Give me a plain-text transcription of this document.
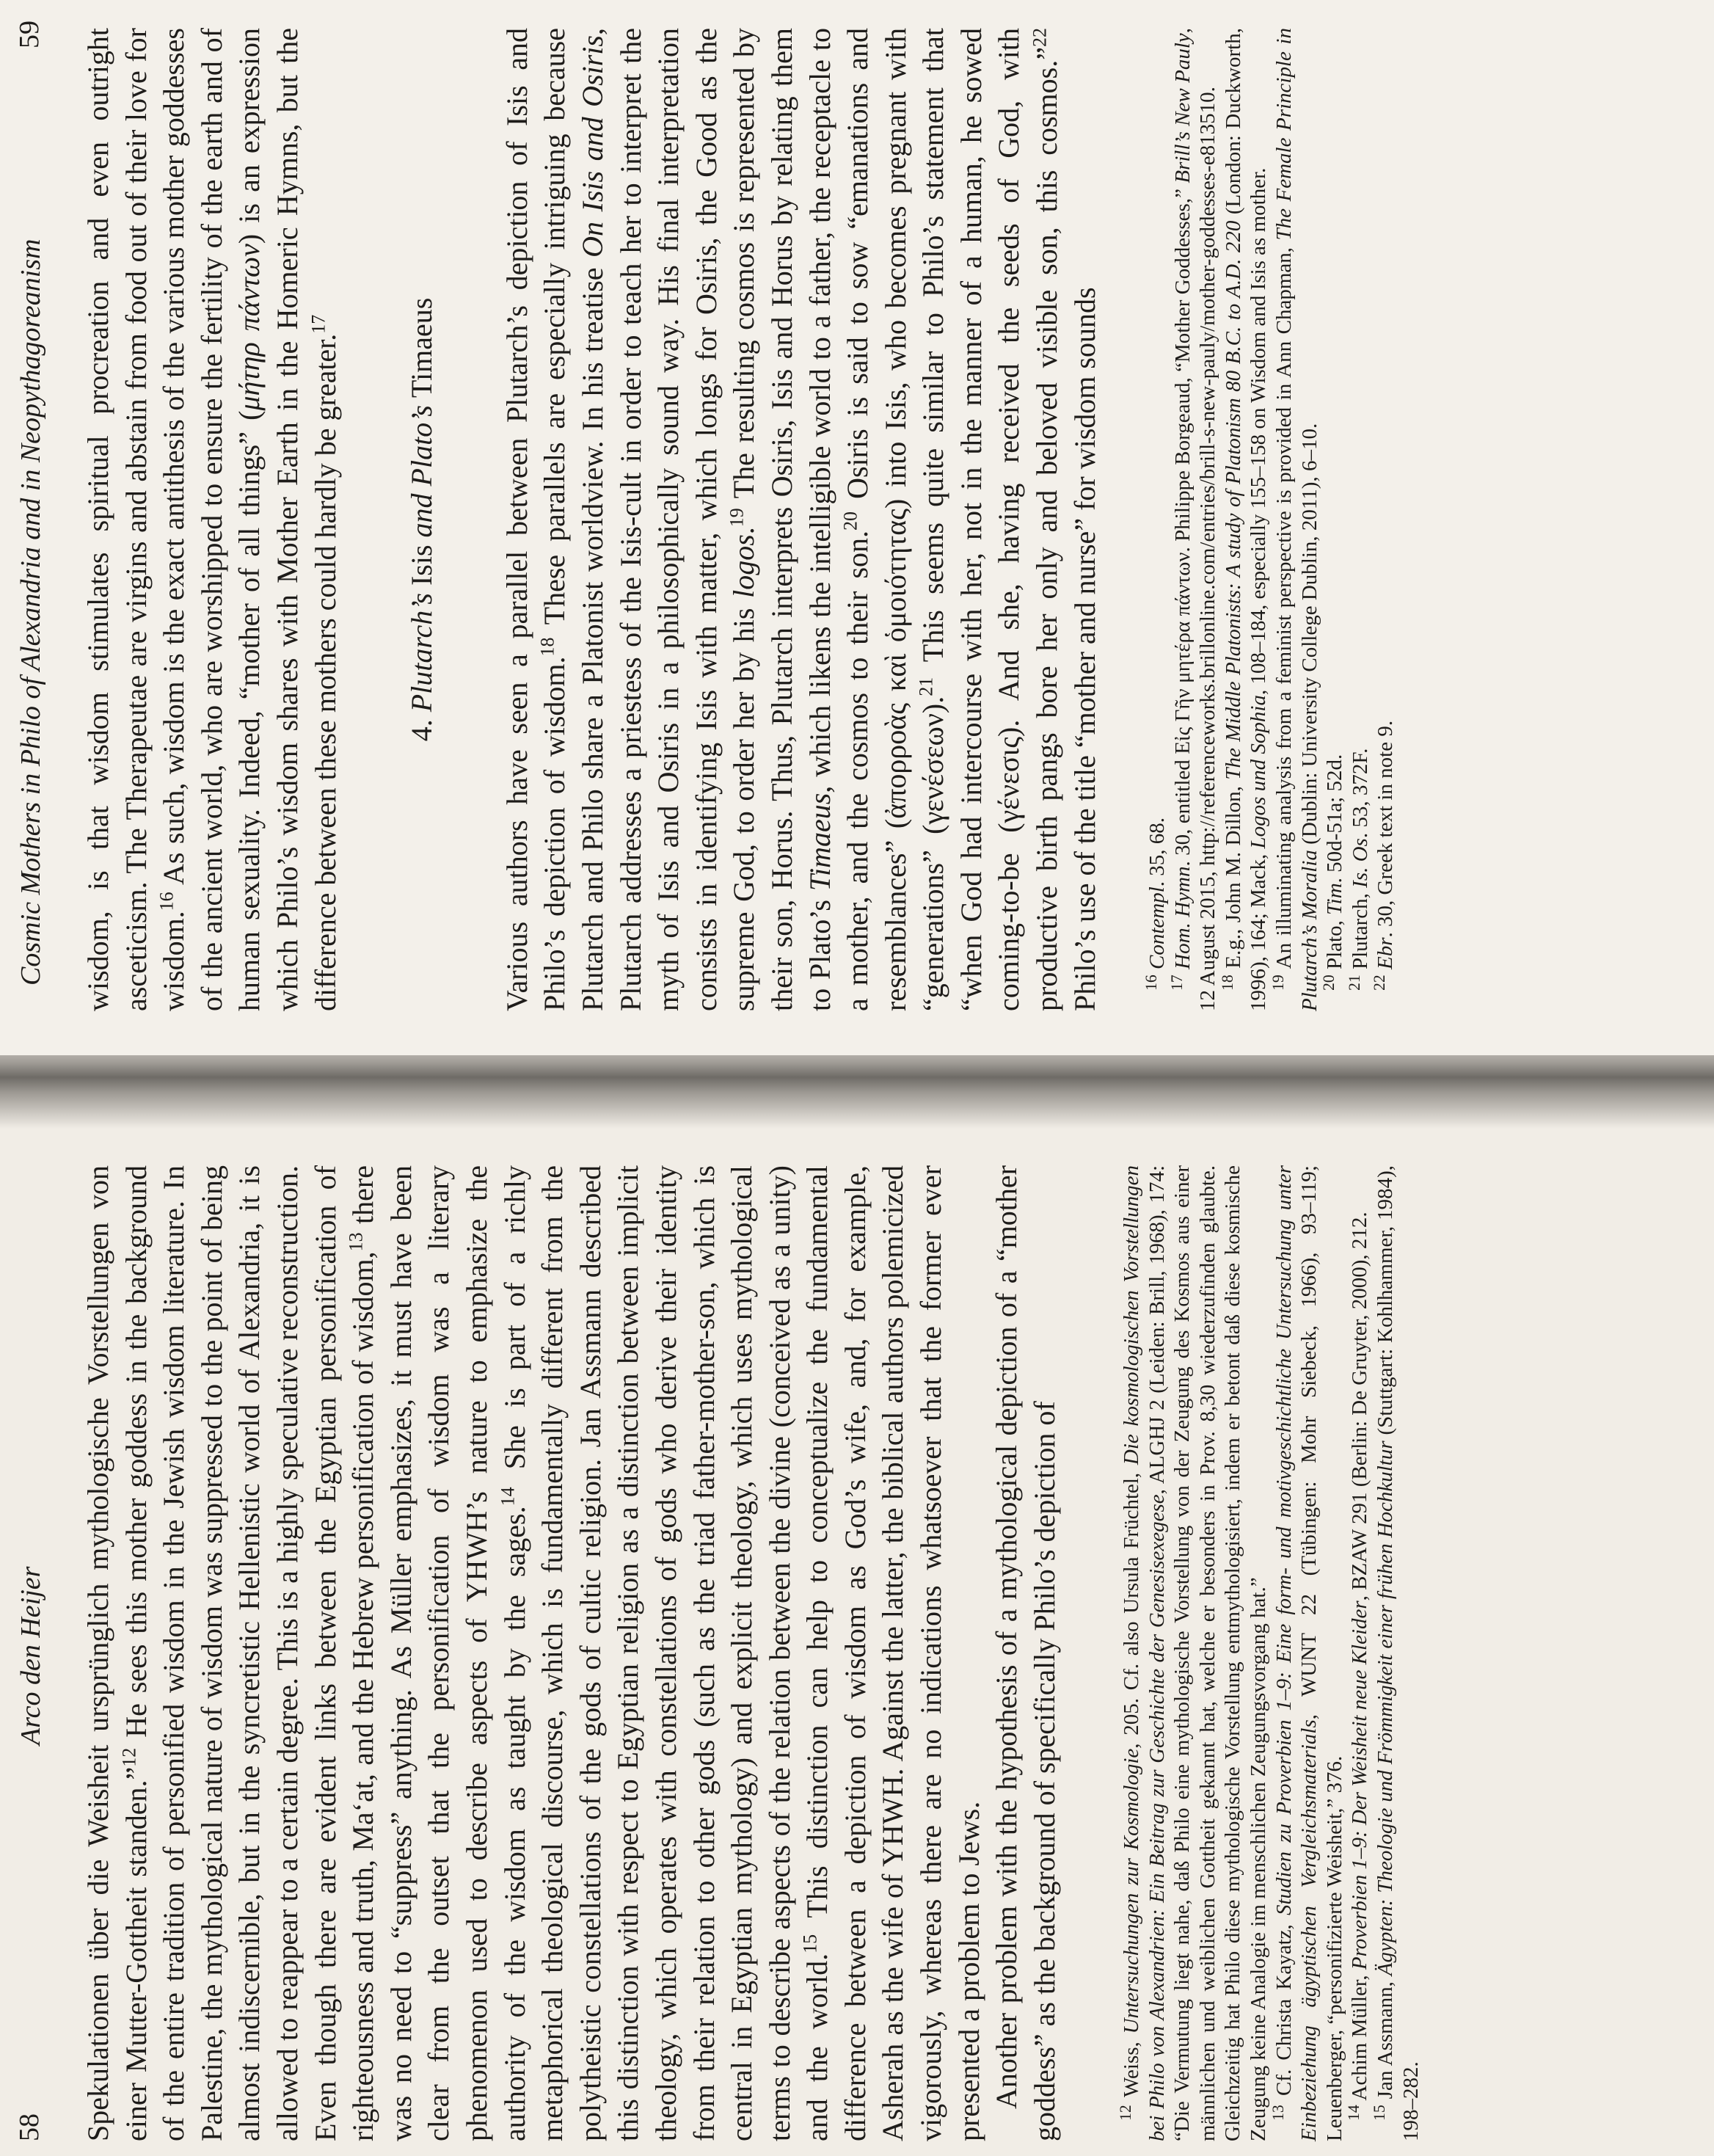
58
Arco den Heijer Spekulationen über die Weisheit ursprünglich mythologische Vorstellungen von einer Mutter-Gottheit standen.”$^{12}$ He sees this mother goddess in the background of the entire tradition of personified wisdom in the Jewish wisdom literature. In Palestine, the mythological nature of wisdom was suppressed to the point of being almost indiscernible, but in the syncretistic Hellenistic world of Alexandria, it is allowed to reappear to a certain degree. This is a highly speculative reconstruction. Even though there are evident links between the Egyptian personification of righteousness and truth, Ma‘at, and the Hebrew personification of wisdom,$^{13}$ there was no need to “suppress” anything. As Müller emphasizes, it must have been clear from the outset that the personification of wisdom was a literary phenomenon used to describe aspects of YHWH’s nature to emphasize the authority of the wisdom as taught by the sages.$^{14}$ She is part of a richly metaphorical theological discourse, which is fundamentally different from the polytheistic constellations of the gods of cultic religion. Jan Assmann described this distinction with respect to Egyptian religion as a distinction between implicit theology, which operates with constellations of gods who derive their identity from their relation to other gods (such as the triad father-mother-son, which is central in Egyptian mythology) and explicit theology, which uses mythological terms to describe aspects of the relation between the divine (conceived as a unity) and the world.$^{15}$ This distinction can help to conceptualize the fundamental difference between a depiction of wisdom as God’s wife, and, for example, Asherah as the wife of YHWH. Against the latter, the biblical authors polemicized vigorously, whereas there are no indications whatsoever that the former ever presented a problem to Jews. Another problem with the hypothesis of a mythological depiction of a “mother goddess” as the background of specifically Philo’s depiction of	$^{12}$ Weiss, Untersuchungen zur Kosmologie, 205. Cf. also Ursula Früchtel, Die kosmologischen Vorstellungen bei Philo von Alexandrien: Ein Beitrag zur Geschichte der Genesisexegese, ALGHJ 2 (Leiden: Brill, 1968), 174: “Die Vermutung liegt nahe, daß Philo eine mythologische Vorstellung von der Zeugung des Kosmos aus einer männlichen und weiblichen Gottheit gekannt hat, welche er besonders in Prov. 8,30 wiederzufinden glaubte. Gleichzeitig hat Philo diese mythologische Vorstellung entmythologisiert, indem er betont daß diese kosmische Zeugung keine Analogie im menschlichen Zeugungsvorgang hat.”

$^{13}$ Cf. Christa Kayatz, Studien zu Proverbien 1–9: Eine form- und motivgeschichtliche Untersuchung unter Einbeziehung ägyptischen Vergleichsmaterials, WUNT 22 (Tübingen: Mohr Siebeck, 1966), 93–119; Leuenberger, “personifizierte Weisheit,” 376.

$^{14}$ Achim Müller, Proverbien 1–9: Der Weisheit neue Kleider, BZAW 291 (Berlin: De Gruyter, 2000), 212.

$^{15}$ Jan Assmann, Ägypten: Theologie und Frömmigkeit einer frühen Hochkultur (Stuttgart: Kohlhammer, 1984), 198–282.

Cosmic Mothers in Philo of Alexandria and in Neopythagoreanism
59 wisdom, is that wisdom stimulates spiritual procreation and even outright asceticism. The Therapeutae are virgins and abstain from food out of their love for wisdom.$^{16}$ As such, wisdom is the exact antithesis of the various mother goddesses of the ancient world, who are worshipped to ensure the fertility of the earth and of human sexuality. Indeed, “mother of all things” (μήτηρ πάντων) is an expression which Philo’s wisdom shares with Mother Earth in the Homeric Hymns, but the difference between these mothers could hardly be greater.$^{17}$

4. Plutarch’s Isis and Plato’s Timaeus Various authors have seen a parallel between Plutarch’s depiction of Isis and Philo’s depiction of wisdom.$^{18}$ These parallels are especially intriguing because Plutarch and Philo share a Platonist worldview. In his treatise On Isis and Osiris, Plutarch addresses a priestess of the Isis-cult in order to teach her to interpret the myth of Isis and Osiris in a philosophically sound way. His final interpretation consists in identifying Isis with matter, which longs for Osiris, the Good as the supreme God, to order her by his logos.$^{19}$ The resulting cosmos is represented by their son, Horus. Thus, Plutarch interprets Osiris, Isis and Horus by relating them to Plato’s Timaeus, which likens the intelligible world to a father, the receptacle to a mother, and the cosmos to their son.$^{20}$ Osiris is said to sow “emanations and resemblances” (ἀπορροὰς καὶ ὁμοιότητας) into Isis, who becomes pregnant with “generations” (γενέσεων).$^{21}$ This seems quite similar to Philo’s statement that “when God had intercourse with her, not in the manner of a human, he sowed coming-to-be (γένεσις). And she, having received the seeds of God, with productive birth pangs bore her only and beloved visible son, this cosmos.”$^{22}$ Philo’s use of the title “mother and nurse” for wisdom sounds	$^{16}$ Contempl. 35, 68.

$^{17}$ Hom. Hymn. 30, entitled Εἰς Γῆν μητέρα πάντων. Philippe Borgeaud, “Mother Goddesses,” Brill’s New Pauly, 12 August 2015, http://referenceworks.brillonline.com/entries/brill-s-new-pauly/mother-goddesses-e813510.

$^{18}$ E.g., John M. Dillon, The Middle Platonists: A study of Platonism 80 B.C. to A.D. 220 (London: Duckworth, 1996), 164; Mack, Logos und Sophia, 108–184, especially 155–158 on Wisdom and Isis as mother.

$^{19}$ An illuminating analysis from a feminist perspective is provided in Ann Chapman, The Female Principle in Plutarch’s Moralia (Dublin: University College Dublin, 2011), 6–10.

$^{20}$ Plato, Tim. 50d-51a; 52d.

$^{21}$ Plutarch, Is. Os. 53, 372F.

$^{22}$ Ebr. 30, Greek text in note 9.
